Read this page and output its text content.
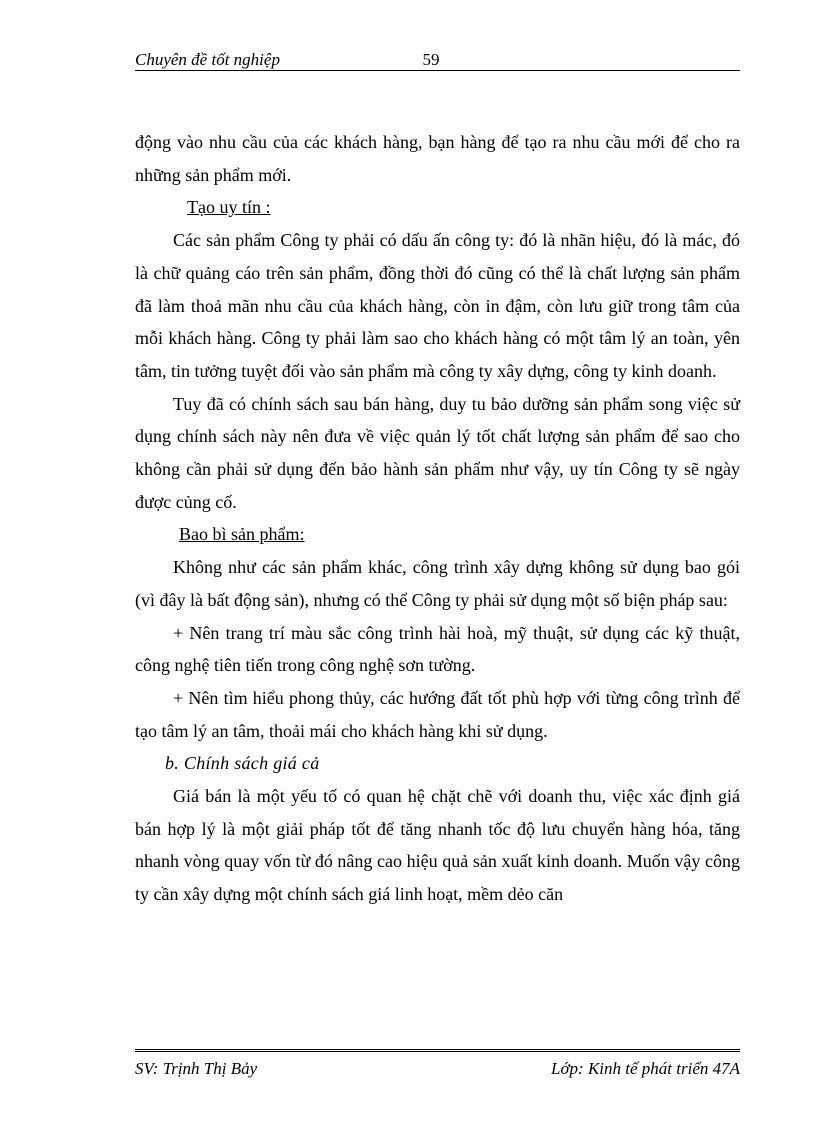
Chuyên đề tốt nghiệp	59

động vào nhu cầu của các khách hàng, bạn hàng để tạo ra nhu cầu mới để cho ra những sản phẩm mới.

Tạo uy tín :

Các sản phẩm Công ty phải có dấu ấn công ty: đó là nhãn hiệu, đó là mác, đó là chữ quảng cáo trên sản phẩm, đồng thời đó cũng có thể là chất lượng sản phẩm đã làm thoả mãn nhu cầu của khách hàng, còn in đậm, còn lưu giữ trong tâm của mỗi khách hàng. Công ty phải làm sao cho khách hàng có một tâm lý an toàn, yên tâm, tin tưởng tuyệt đối vào sản phẩm mà công ty xây dựng, công ty kinh doanh.

Tuy đã có chính sách sau bán hàng, duy tu bảo dưỡng sản phẩm song việc sử dụng chính sách này nên đưa về việc quản lý tốt chất lượng sản phẩm để sao cho không cần phải sử dụng đến bảo hành sản phẩm như vậy, uy tín Công ty sẽ ngày được củng cố.

Bao bì sản phẩm:

Không như các sản phẩm khác, công trình xây dựng không sử dụng bao gói (vì đây là bất động sản), nhưng có thể Công ty phải sử dụng một số biện pháp sau:

+ Nên trang trí màu sắc công trình hài hoà, mỹ thuật, sử dụng các kỹ thuật, công nghệ tiên tiến trong công nghệ sơn tường.

+ Nên tìm hiểu phong thủy, các hướng đất tốt phù hợp với từng công trình để tạo tâm lý an tâm, thoải mái cho khách hàng khi sử dụng.

b. Chính sách giá cả

Giá bán là một yếu tố có quan hệ chặt chẽ với doanh thu, việc xác định giá bán hợp lý là một giải pháp tốt để tăng nhanh tốc độ lưu chuyển hàng hóa, tăng nhanh vòng quay vốn từ đó nâng cao hiệu quả sản xuất kinh doanh. Muốn vậy công ty cần xây dựng một chính sách giá linh hoạt, mềm dẻo căn

SV: Trịnh Thị Bảy	Lớp: Kinh tế phát triển 47A
